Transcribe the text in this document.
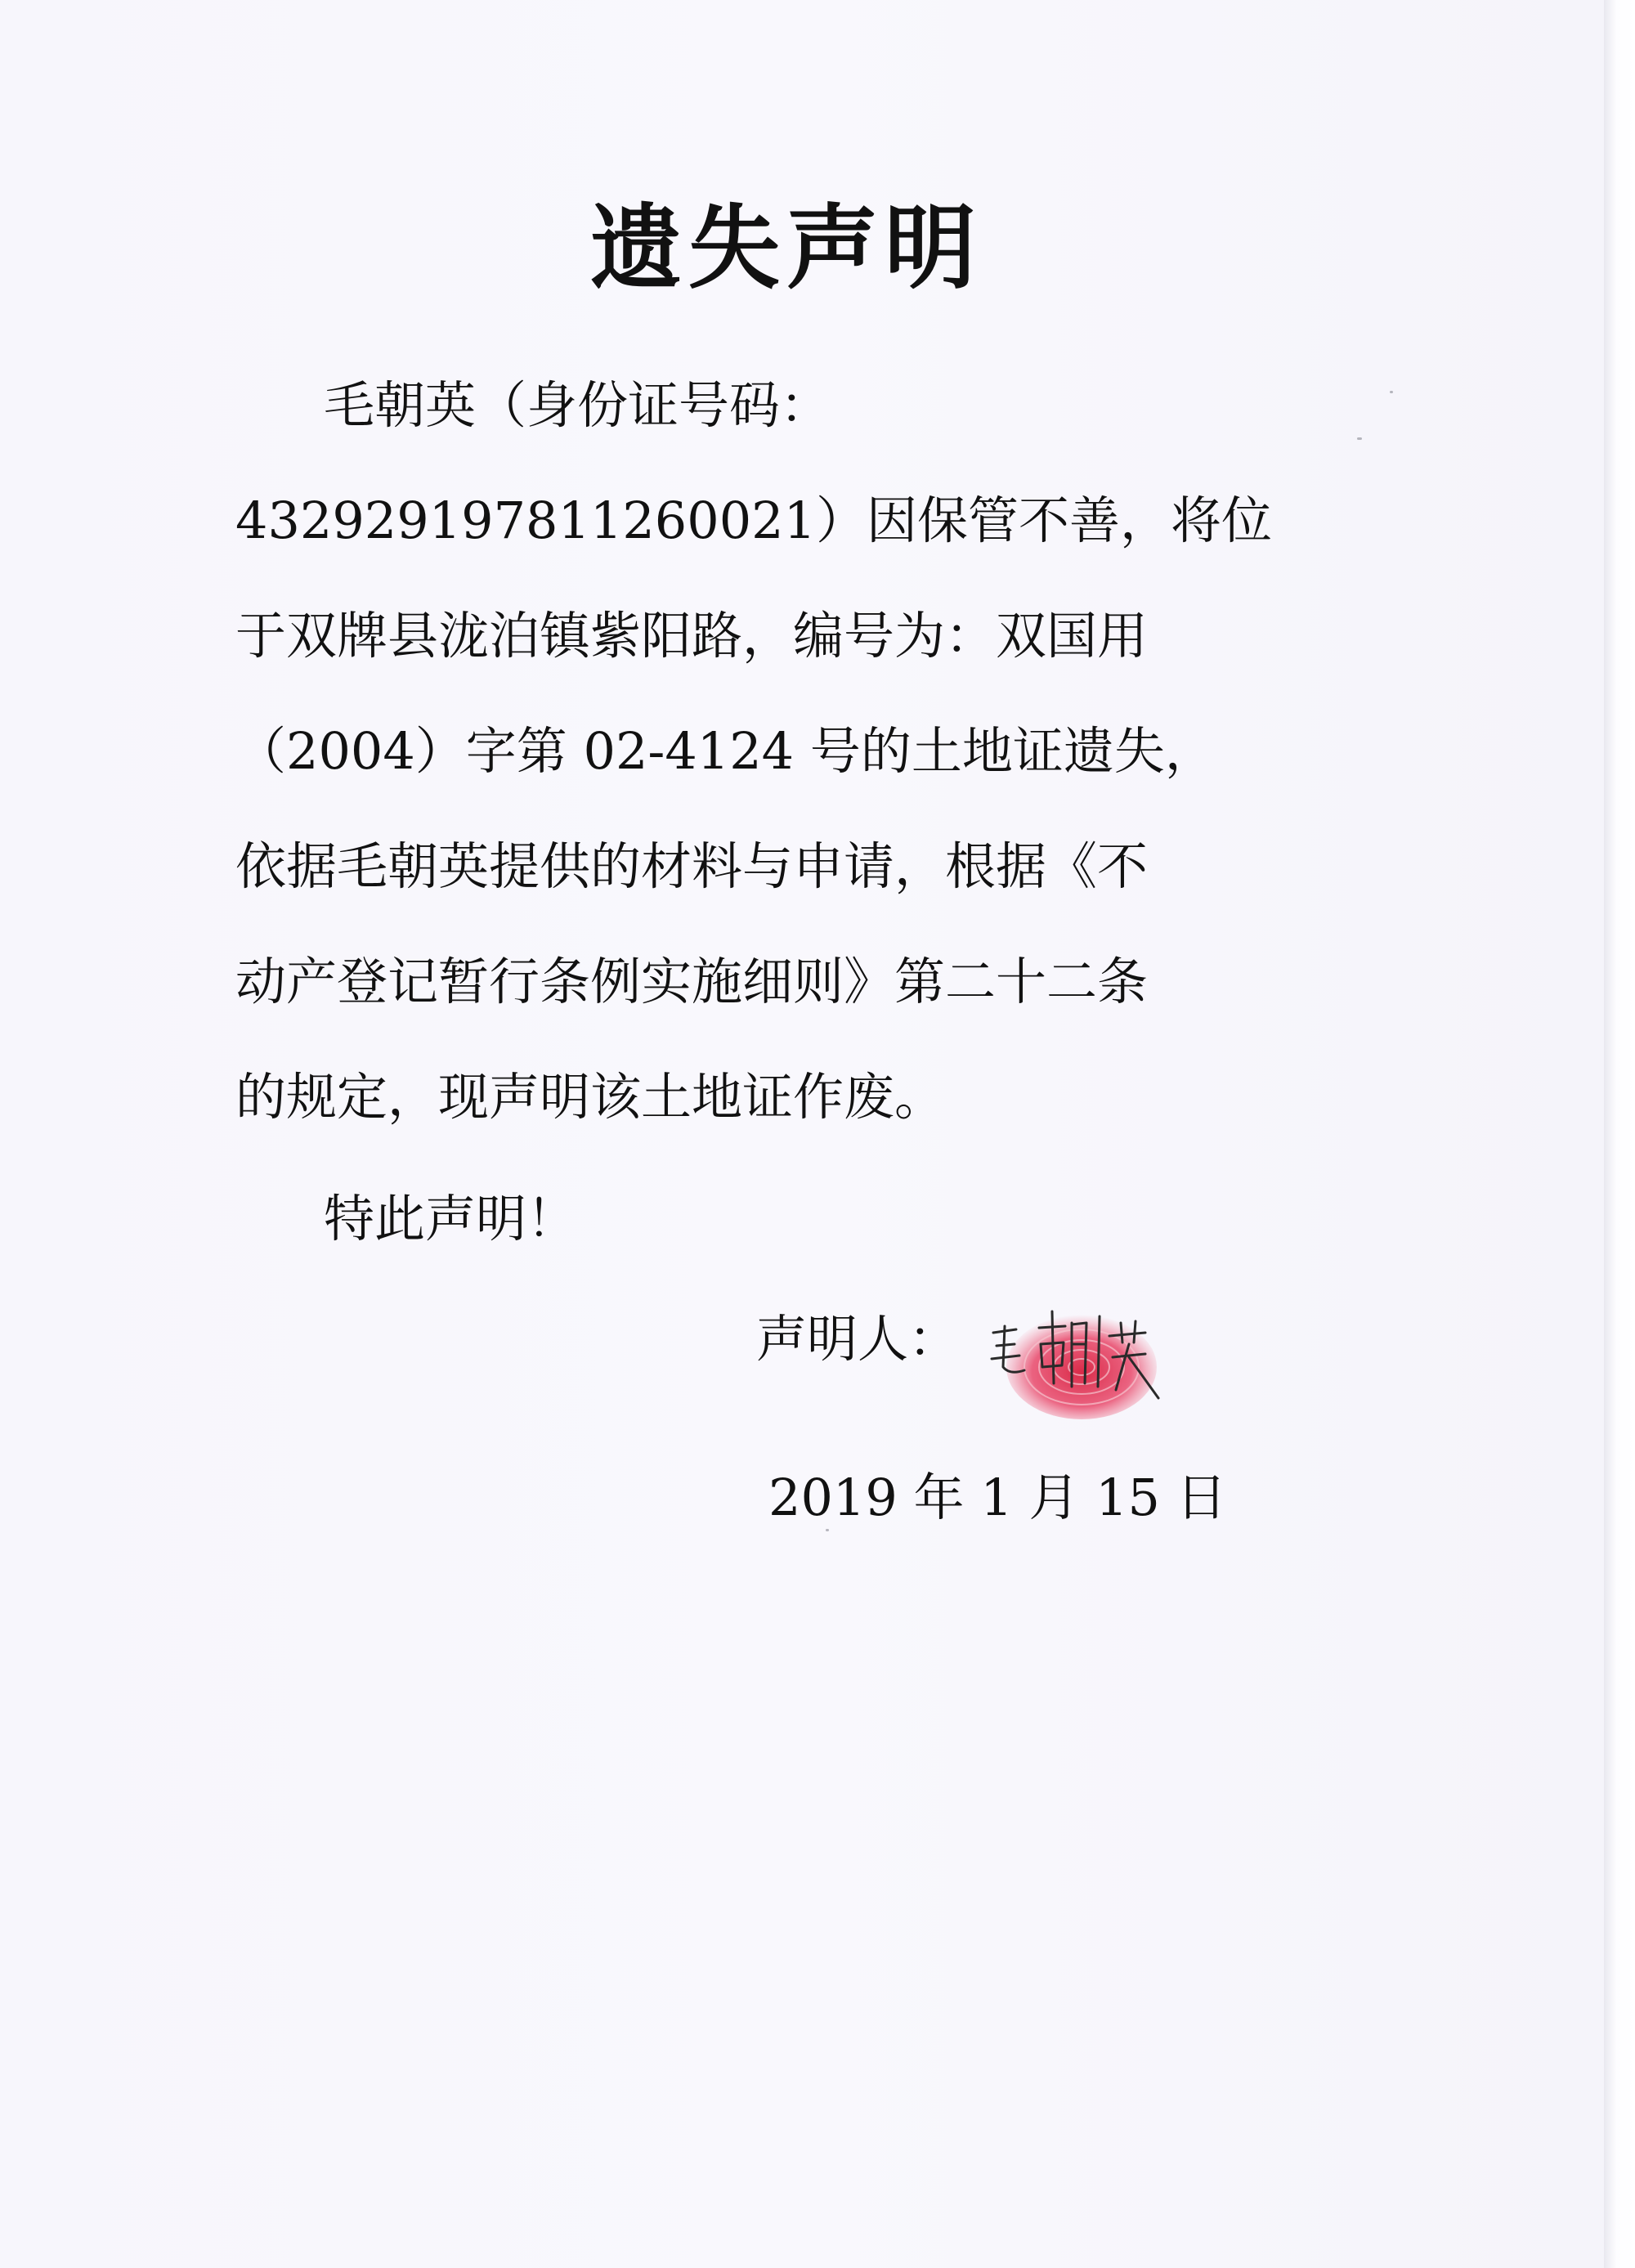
遗失声明
毛朝英（身份证号码：
432929197811260021）因保管不善，将位
于双牌县泷泊镇紫阳路，编号为：双国用
（2004）字第 02-4124 号的土地证遗失，
依据毛朝英提供的材料与申请，根据《不
动产登记暂行条例实施细则》第二十二条
的规定，现声明该土地证作废。
特此声明！
声明人：
2019 年 1 月 15 日
